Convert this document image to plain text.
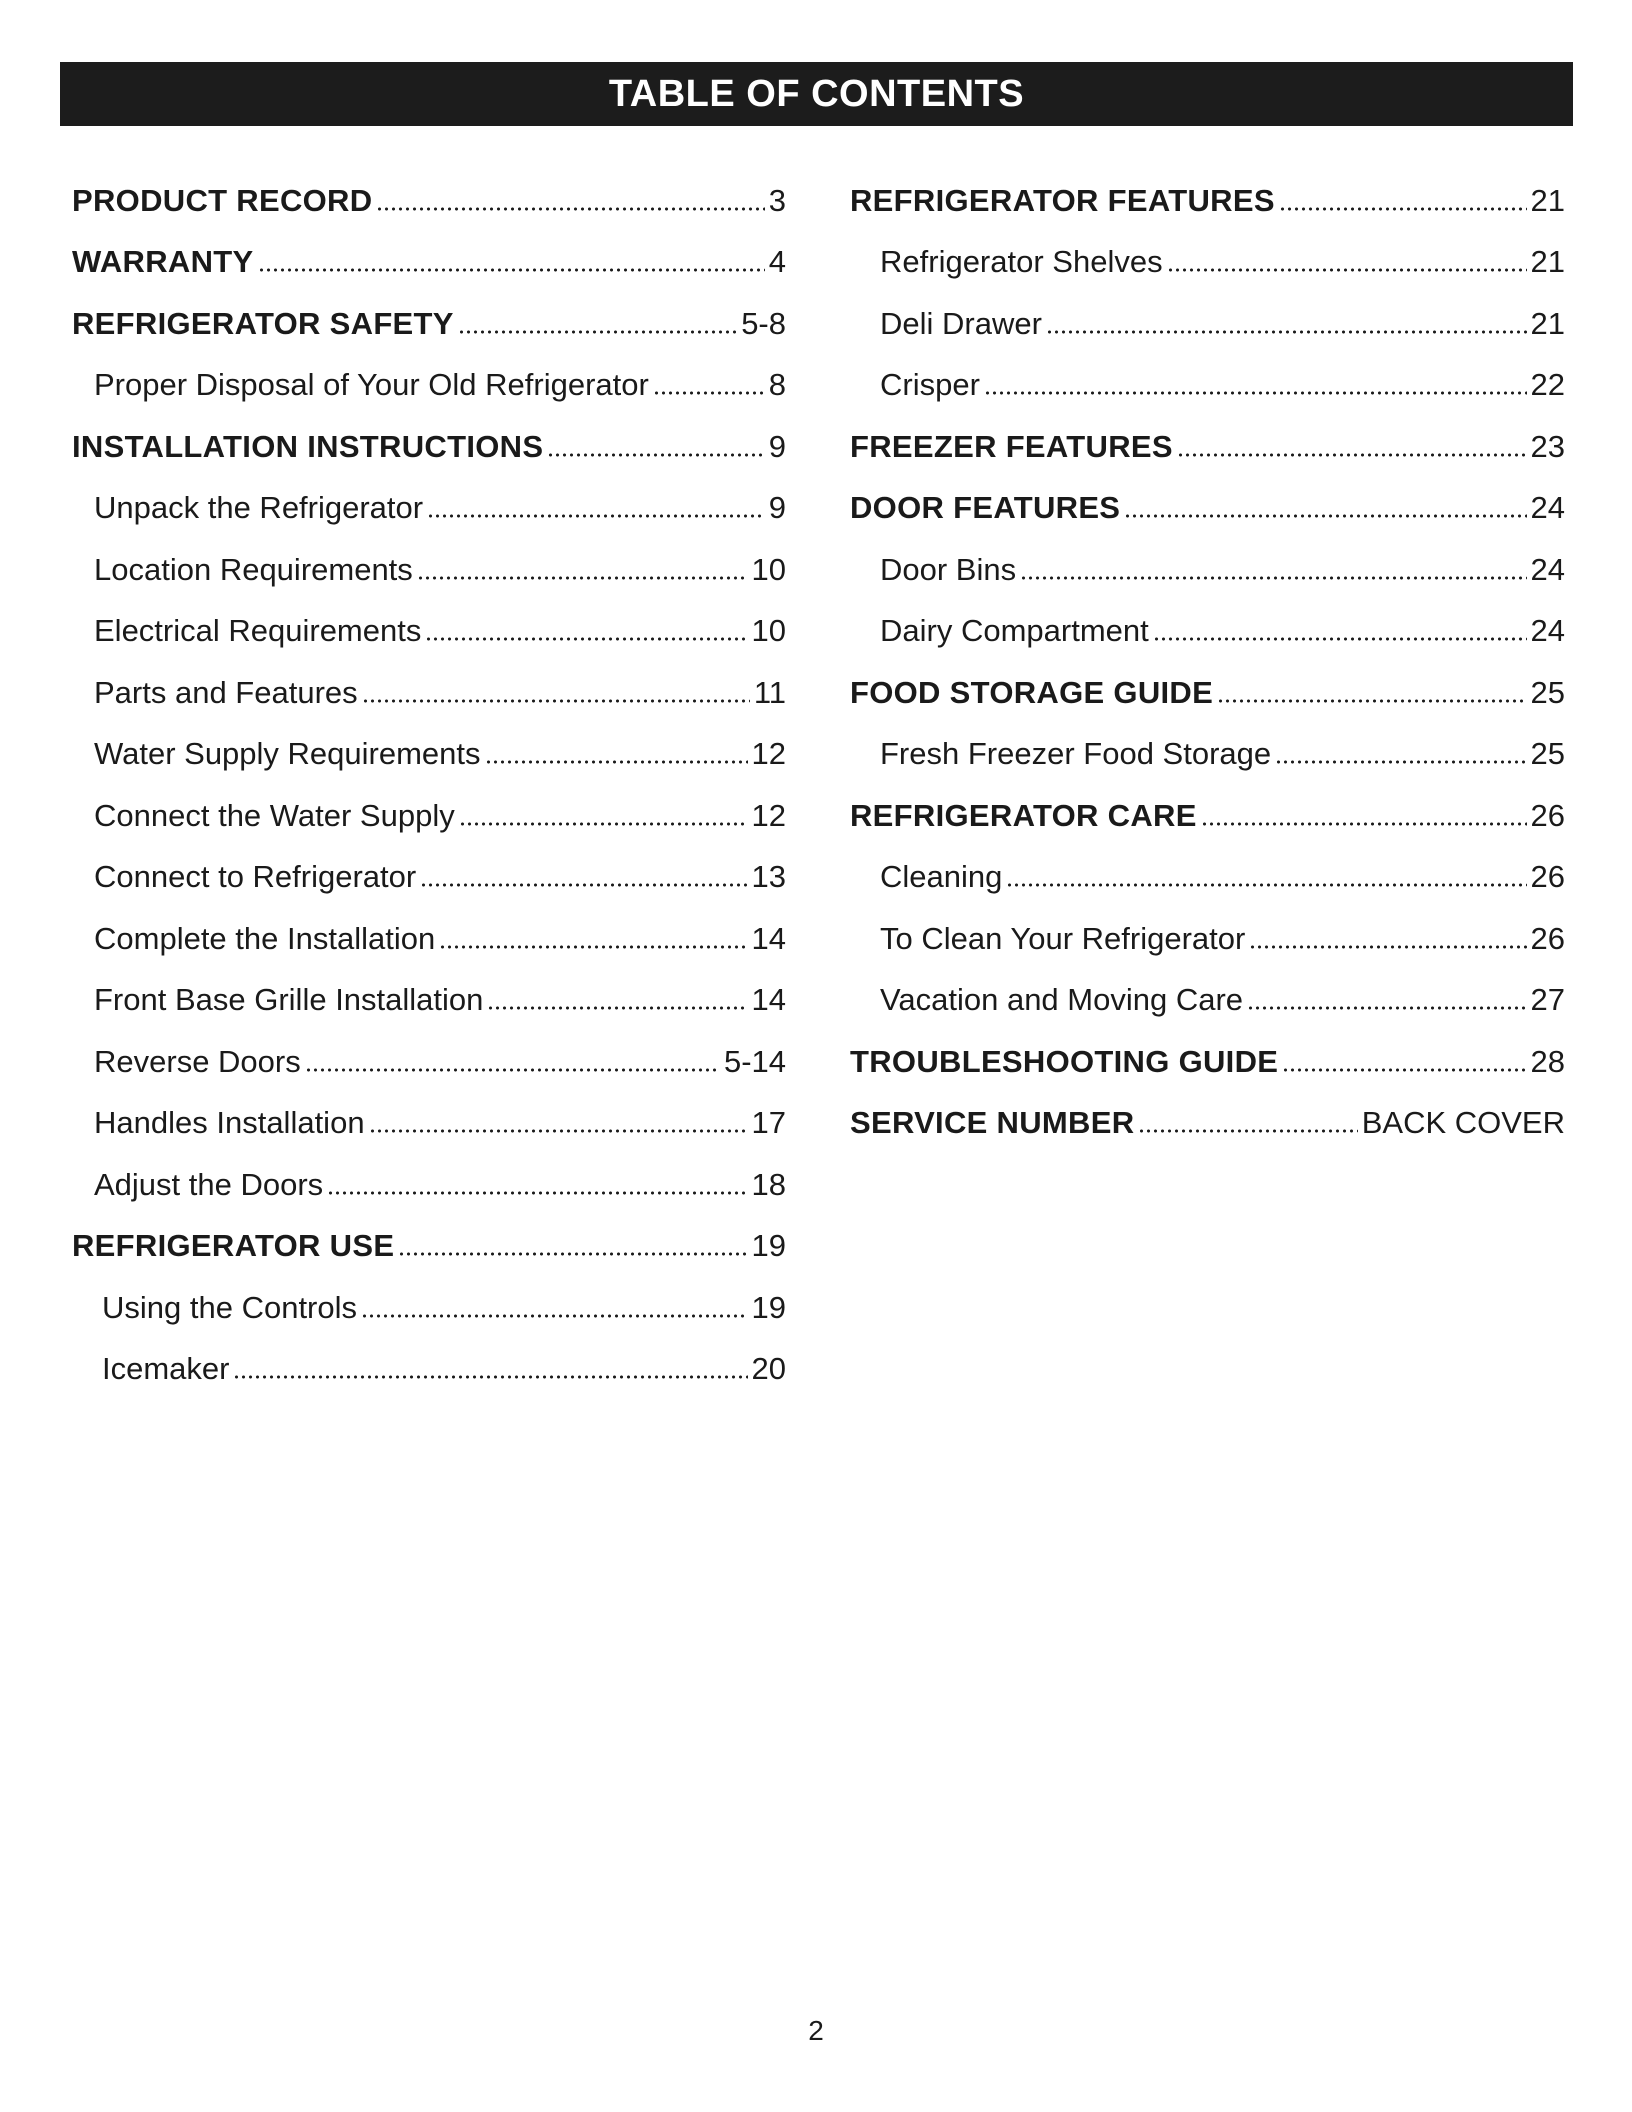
TABLE OF CONTENTS
PRODUCT RECORD	3
WARRANTY	4
REFRIGERATOR SAFETY	5-8
Proper Disposal of Your Old Refrigerator	8
INSTALLATION INSTRUCTIONS	9
Unpack the Refrigerator	9
Location Requirements	10
Electrical Requirements	10
Parts and Features	11
Water Supply Requirements	12
Connect the Water Supply	12
Connect to Refrigerator	13
Complete the Installation	14
Front Base Grille Installation	14
Reverse Doors	5-14
Handles Installation	17
Adjust the Doors	18
REFRIGERATOR USE	19
Using the Controls	19
Icemaker	20
REFRIGERATOR FEATURES	21
Refrigerator Shelves	21
Deli Drawer	21
Crisper	22
FREEZER FEATURES	23
DOOR FEATURES	24
Door Bins	24
Dairy Compartment	24
FOOD STORAGE GUIDE	25
Fresh Freezer Food Storage	25
REFRIGERATOR CARE	26
Cleaning	26
To Clean Your Refrigerator	26
Vacation and Moving Care	27
TROUBLESHOOTING GUIDE	28
SERVICE NUMBER	BACK COVER
2
